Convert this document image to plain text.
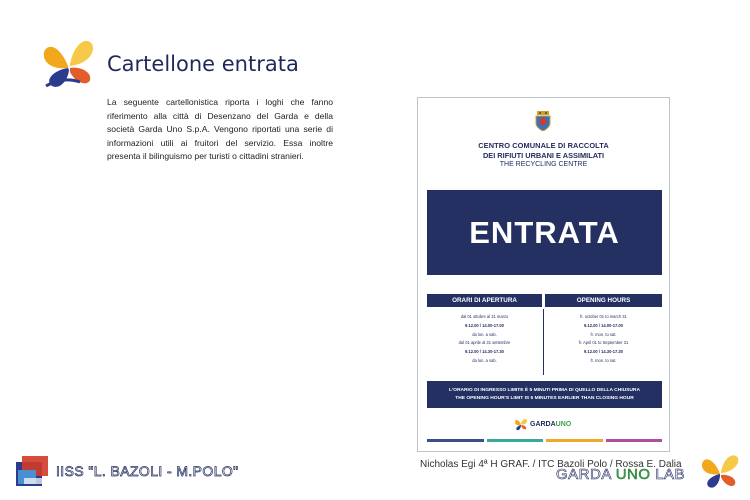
Cartellone entrata
La seguente cartellonistica riporta i loghi che fanno riferimento alla città di Desenzano del Garda e della società Garda Uno S.p.A. Vengono riportati una serie di informazioni utili ai fruitori del servizio. Essa inoltre presenta il bilinguismo per turisti o cittadini stranieri.
CENTRO COMUNALE DI RACCOLTA
DEI RIFIUTI URBANI E ASSIMILATI
THE RECYCLING CENTRE
ENTRATA
ORARI DI APERTURA	OPENING HOURS
dal 01 ottobre al 31 marzo
9.12.00 / 14.00-17.00
da lun. a sab.
dal 01 aprile al 31 settembre
9.12.00 / 14.30-17.30
da lun. a sab.
fr. october 01 to march 31
9.12.00 / 14.00-17.00
fr. mon. to sat.
fr. April 01 to September 31
9.12.00 / 14.30-17.30
fr. mon. to sat.
L'ORARIO DI INGRESSO LIMITE È 5 MINUTI PRIMA DI QUELLO DELLA CHIUSURA
THE OPENING HOUR'S LIMIT IS 5 MINUTES EARLIER THAN CLOSING HOUR
GARDAUNO
IISS "L. BAZOLI - M.POLO"	Nicholas Egi 4ª H GRAF. / ITC Bazoli Polo / Rossa E. Dalia
GARDA UNO LAB
